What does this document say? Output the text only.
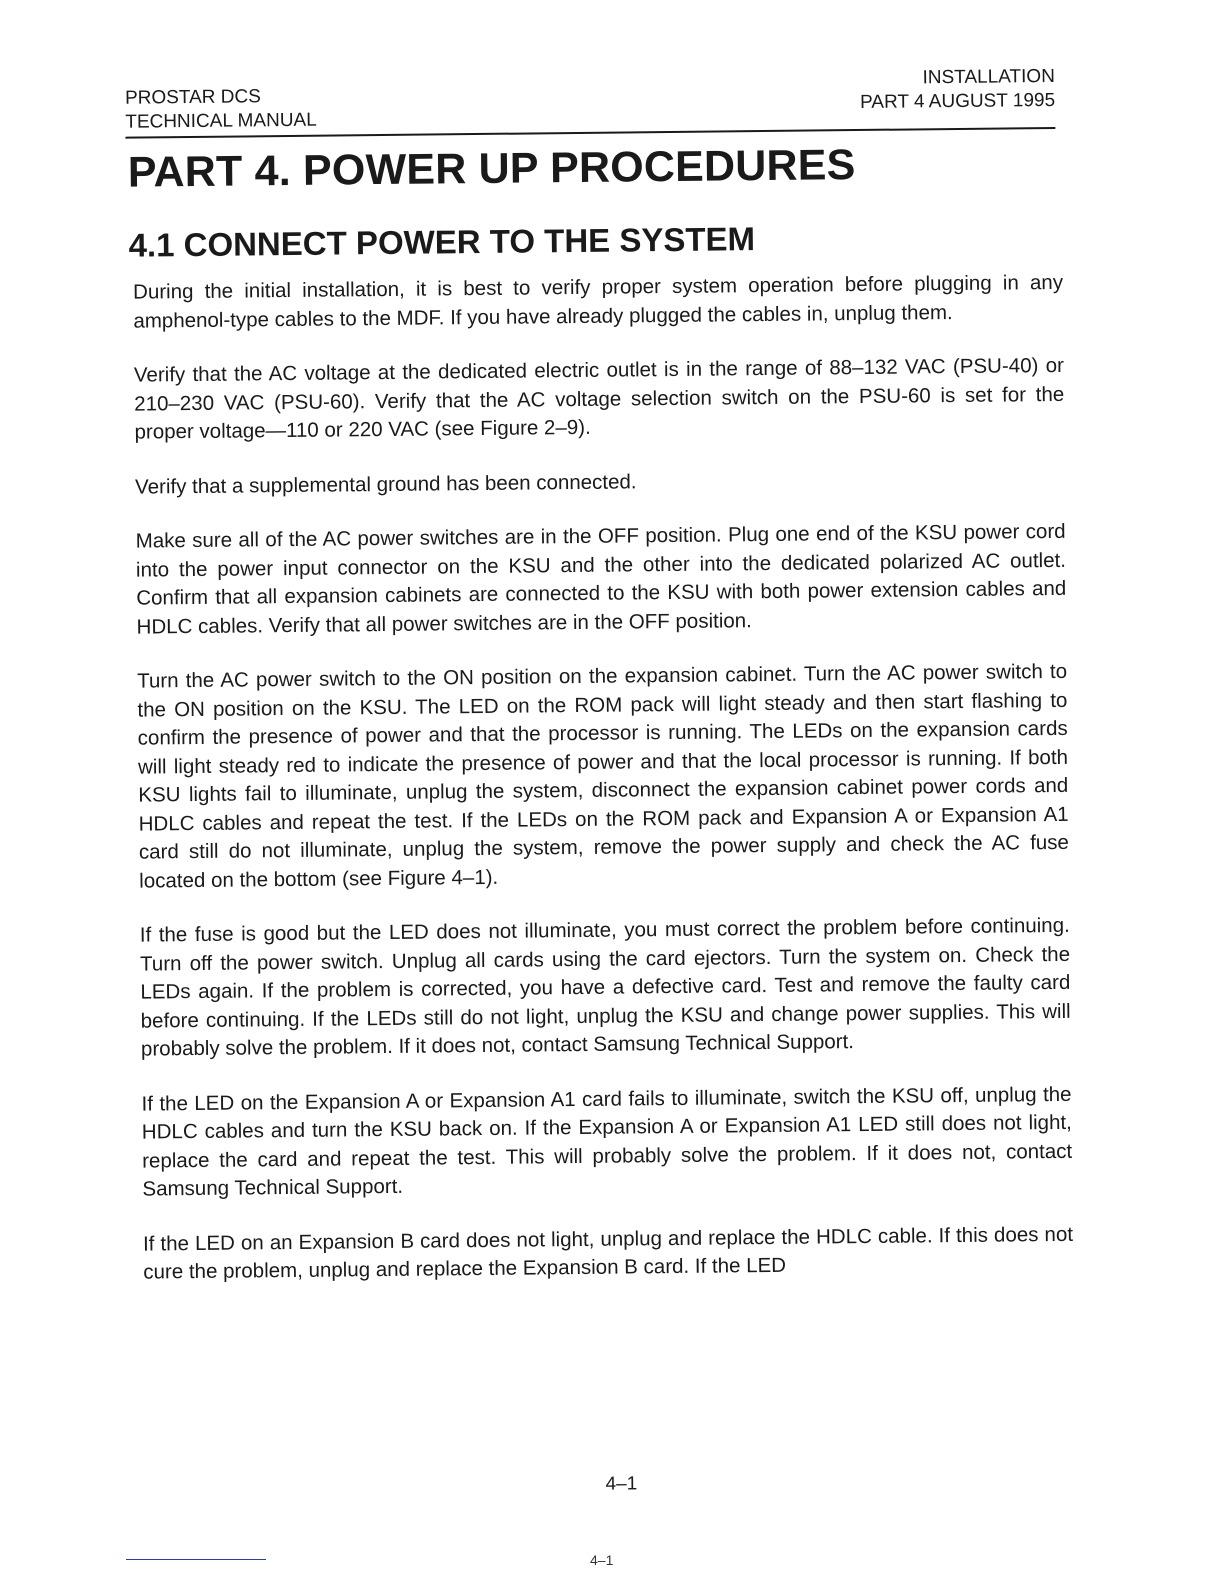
PROSTAR DCS
TECHNICAL MANUAL
INSTALLATION
PART 4 AUGUST 1995
PART 4. POWER UP PROCEDURES
4.1 CONNECT POWER TO THE SYSTEM

During the initial installation, it is best to verify proper system operation before plugging in any amphenol-type cables to the MDF. If you have already plugged the cables in, unplug them.

Verify that the AC voltage at the dedicated electric outlet is in the range of 88–132 VAC (PSU-40) or 210–230 VAC (PSU-60). Verify that the AC voltage selection switch on the PSU-60 is set for the proper voltage—110 or 220 VAC (see Figure 2–9).

Verify that a supplemental ground has been connected.

Make sure all of the AC power switches are in the OFF position. Plug one end of the KSU power cord into the power input connector on the KSU and the other into the dedicated polarized AC outlet. Confirm that all expansion cabinets are connected to the KSU with both power extension cables and HDLC cables. Verify that all power switches are in the OFF position.

Turn the AC power switch to the ON position on the expansion cabinet. Turn the AC power switch to the ON position on the KSU. The LED on the ROM pack will light steady and then start flashing to confirm the presence of power and that the processor is running. The LEDs on the expansion cards will light steady red to indicate the presence of power and that the local processor is running. If both KSU lights fail to illuminate, unplug the system, disconnect the expansion cabinet power cords and HDLC cables and repeat the test. If the LEDs on the ROM pack and Expansion A or Expansion A1 card still do not illuminate, unplug the system, remove the power supply and check the AC fuse located on the bottom (see Figure 4–1).

If the fuse is good but the LED does not illuminate, you must correct the problem before continuing. Turn off the power switch. Unplug all cards using the card ejectors. Turn the system on. Check the LEDs again. If the problem is corrected, you have a defective card. Test and remove the faulty card before continuing. If the LEDs still do not light, unplug the KSU and change power supplies. This will probably solve the problem. If it does not, contact Samsung Technical Support.

If the LED on the Expansion A or Expansion A1 card fails to illuminate, switch the KSU off, unplug the HDLC cables and turn the KSU back on. If the Expansion A or Expansion A1 LED still does not light, replace the card and repeat the test. This will probably solve the problem. If it does not, contact Samsung Technical Support.

If the LED on an Expansion B card does not light, unplug and replace the HDLC cable. If this does not cure the problem, unplug and replace the Expansion B card. If the LED

4–1
4–1
